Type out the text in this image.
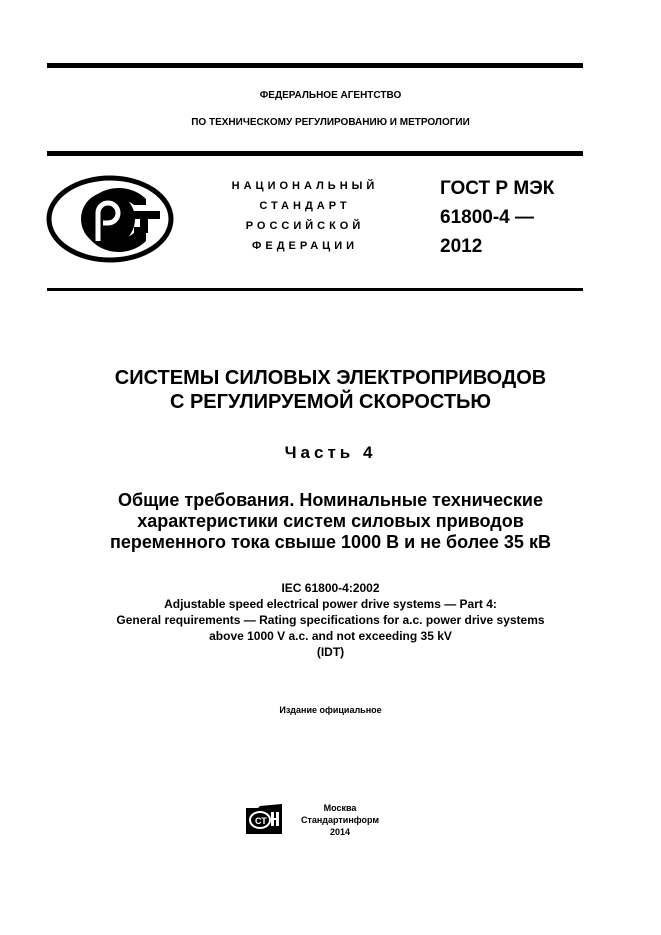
ФЕДЕРАЛЬНОЕ АГЕНТСТВО
ПО ТЕХНИЧЕСКОМУ РЕГУЛИРОВАНИЮ И МЕТРОЛОГИИ
НАЦИОНАЛЬНЫЙ
СТАНДАРТ
РОССИЙСКОЙ
ФЕДЕРАЦИИ
ГОСТ Р МЭК
61800-4 —
2012
СИСТЕМЫ СИЛОВЫХ ЭЛЕКТРОПРИВОДОВ
С РЕГУЛИРУЕМОЙ СКОРОСТЬЮ
Часть 4
Общие требования. Номинальные технические
характеристики систем силовых приводов
переменного тока свыше 1000 В и не более 35 кВ
IEC 61800-4:2002
Adjustable speed electrical power drive systems — Part 4:
General requirements — Rating specifications for a.c. power drive systems
above 1000 V a.c. and not exceeding 35 kV
(IDT)
Издание официальное
СТ
Москва
Стандартинформ
2014
